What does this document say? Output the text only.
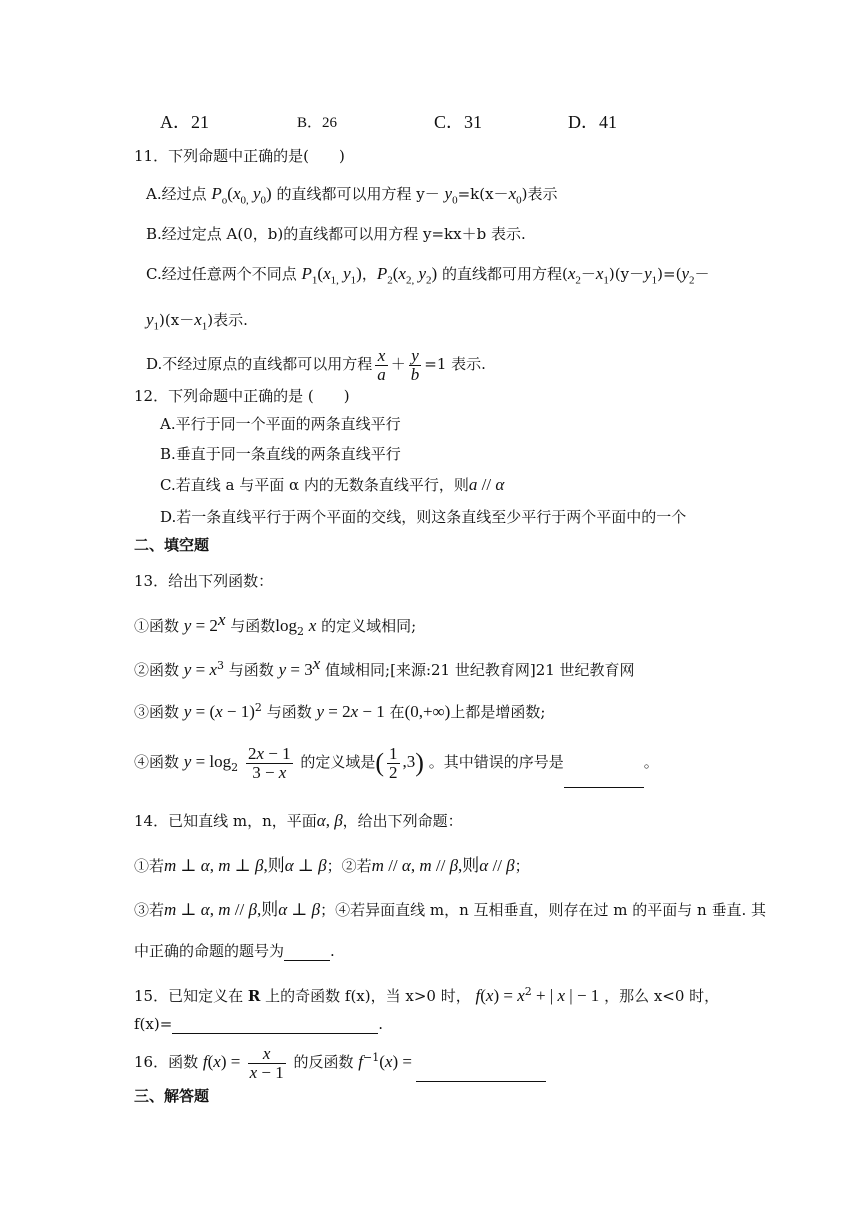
A．21	B．26	C．31	D．41
11．下列命题中正确的是(　　)
A.经过点 $P_o(x_{0,}$ $y_0$) 的直线都可以用方程 $y- y_0=k(x-x_0)$表示
B.经过定点 A(0，b)的直线都可以用方程 y=kx＋b 表示.
C.经过任意两个不同点 $P_1(x_{1,}$ $y_1$)，$P_2(x_{2,}$ $y_2$) 的直线都可用方程$(x_2-x_1)(y-y_1)=(y_2-$
$y_1)(x-x_1)$表示.
D.不经过原点的直线都可以用方程 $\frac{x}{a} + \frac{y}{b} =1$ 表示.
12．下列命题中正确的是 (　　)
A.平行于同一个平面的两条直线平行
B.垂直于同一条直线的两条直线平行
C.若直线 a 与平面 α 内的无数条直线平行，则a // α
D.若一条直线平行于两个平面的交线，则这条直线至少平行于两个平面中的一个
二、填空题
13．给出下列函数：
①函数 $y = 2^x$ 与函数$\log_2 x$ 的定义域相同;
②函数 $y = x^3$ 与函数 $y = 3^x$ 值域相同;[来源:21 世纪教育网]21 世纪教育网
③函数 $y = (x - 1)^2$ 与函数 y = 2x − 1 在(0,+∞)上都是增函数;
④函数 $y = \log_2 \frac{2x - 1}{3 - x}$ 的定义域是( $\frac{1}{2} ,3$) 。其中错误的序号是	。
14．已知直线 m，n，平面α, β，给出下列命题：
①若m ⊥ α, m ⊥ β,则α ⊥ β；②若m // α, m // β,则α // β；
③若m ⊥ α, m // β,则α ⊥ β；④若异面直线 m，n 互相垂直，则存在过 m 的平面与 n 垂直. 其
中正确的命题的题号为	.
15．已知定义在 R 上的奇函数 f(x)，当 x>0 时， $f(x) = x^2$ + | x | − 1 ，那么 x<0 时，
f(x)=	.
16．函数 $f(x) = \frac{x}{x - 1}$ 的反函数 $f^{-1}(x)$ =
三、解答题
